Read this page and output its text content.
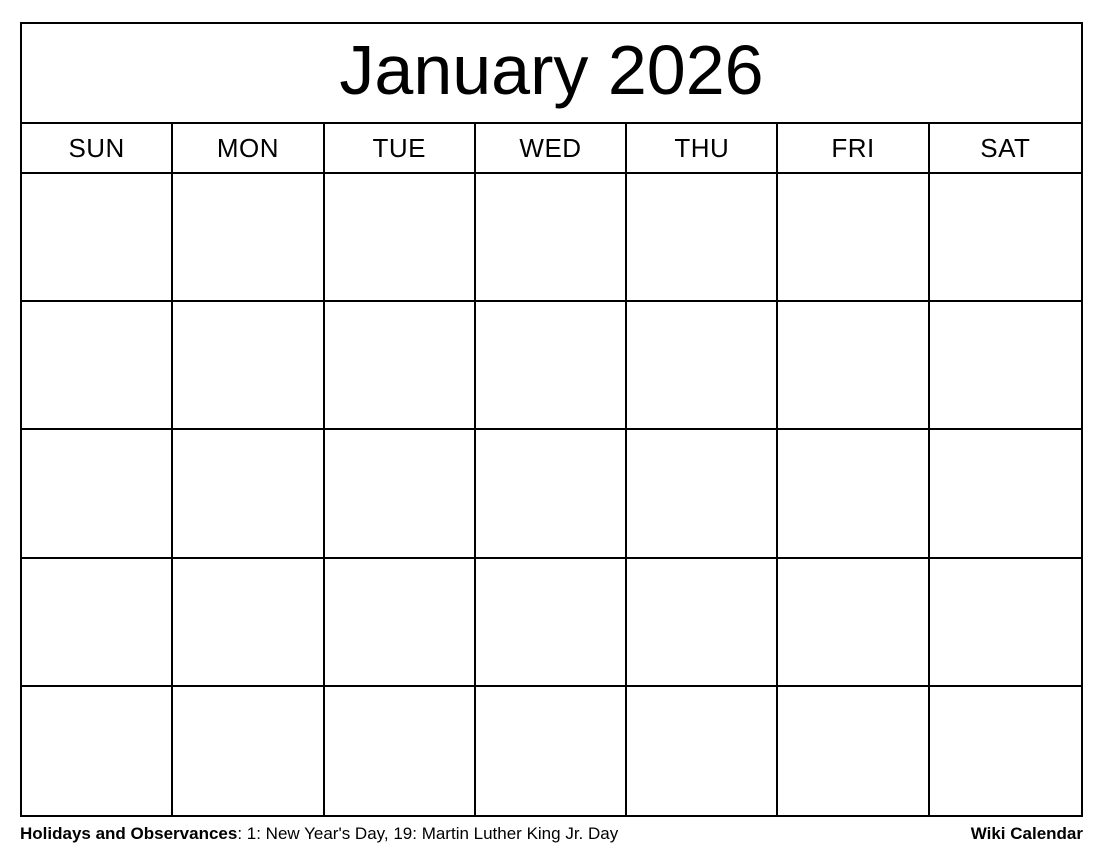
January 2026
SUN	MON	TUE	WED	THU	FRI	SAT
Holidays and Observances: 1: New Year's Day, 19: Martin Luther King Jr. Day	Wiki Calendar
